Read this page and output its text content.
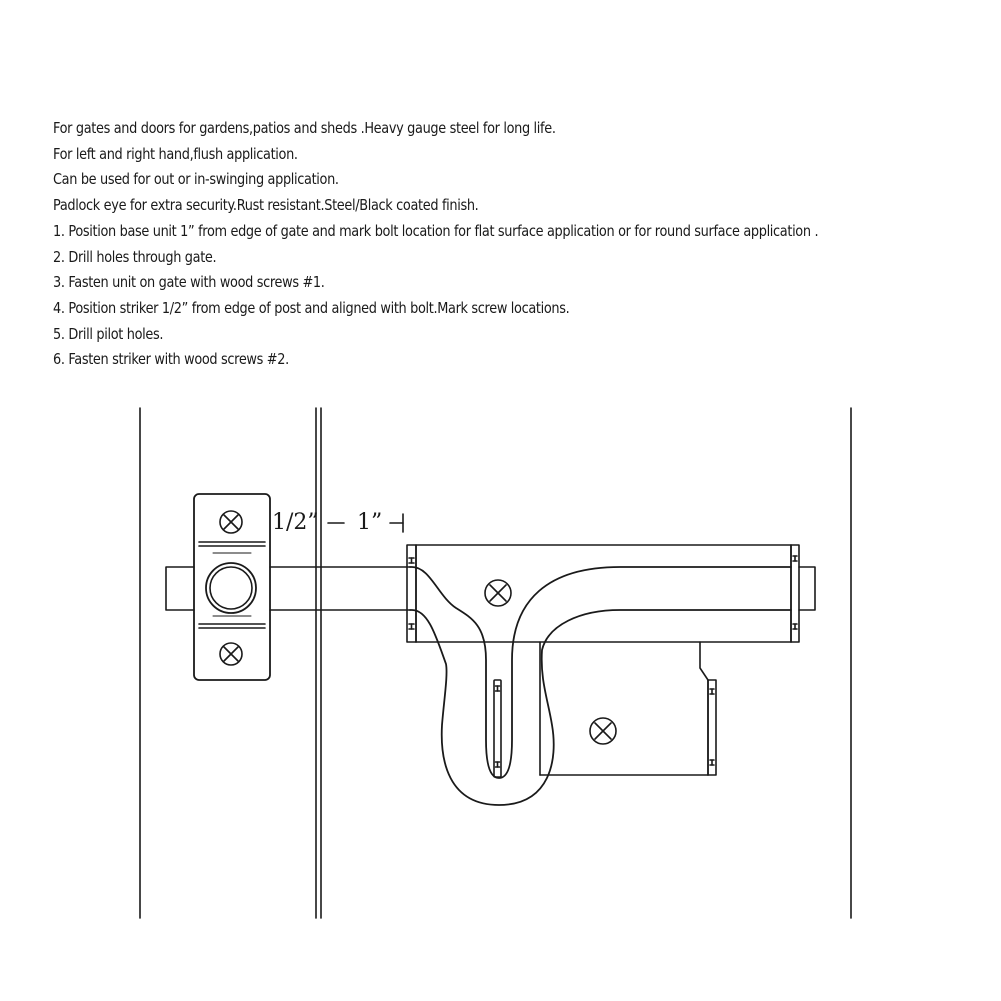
For gates and doors for gardens,patios and sheds .Heavy gauge steel for long life.
For left and right hand,flush application.
Can be used for out or in-swinging application.
Padlock eye for extra security.Rust resistant.Steel/Black coated finish.
1. Position base unit 1” from edge of gate and mark bolt location for flat surface application or for round surface application .
2. Drill holes through gate.
3. Fasten unit on gate with wood screws #1.
4. Position striker 1/2” from edge of post and aligned with bolt.Mark screw locations.
5. Drill pilot holes.
6. Fasten striker with wood screws #2.
1/2” 1”
